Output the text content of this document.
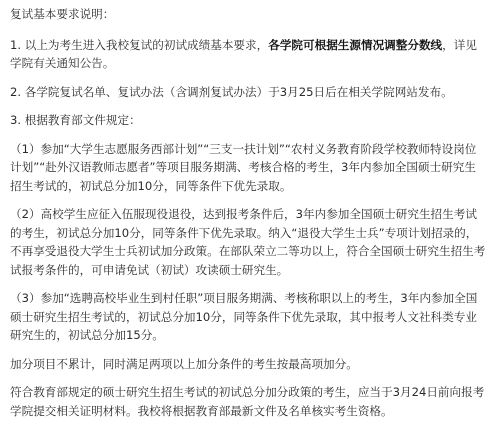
复试基本要求说明：

1. 以上为考生进入我校复试的初试成绩基本要求，各学院可根据生源情况调整分数线，详见学院有关通知公告。

2. 各学院复试名单、复试办法（含调剂复试办法）于3月25日后在相关学院网站发布。

3. 根据教育部文件规定：

（1）参加“大学生志愿服务西部计划”“三支一扶计划”“农村义务教育阶段学校教师特设岗位计划”“赴外汉语教师志愿者”等项目服务期满、考核合格的考生，3年内参加全国硕士研究生招生考试的，初试总分加10分，同等条件下优先录取。

（2）高校学生应征入伍服现役退役，达到报考条件后，3年内参加全国硕士研究生招生考试的考生，初试总分加10分，同等条件下优先录取。纳入“退役大学生士兵”专项计划招录的，不再享受退役大学生士兵初试加分政策。在部队荣立二等功以上，符合全国硕士研究生招生考试报考条件的，可申请免试（初试）攻读硕士研究生。

（3）参加“选聘高校毕业生到村任职”项目服务期满、考核称职以上的考生，3年内参加全国硕士研究生招生考试的，初试总分加10分，同等条件下优先录取，其中报考人文社科类专业研究生的，初试总分加15分。

加分项目不累计，同时满足两项以上加分条件的考生按最高项加分。

符合教育部规定的硕士研究生招生考试的初试总分加分政策的考生，应当于3月24日前向报考学院提交相关证明材料。我校将根据教育部最新文件及名单核实考生资格。
